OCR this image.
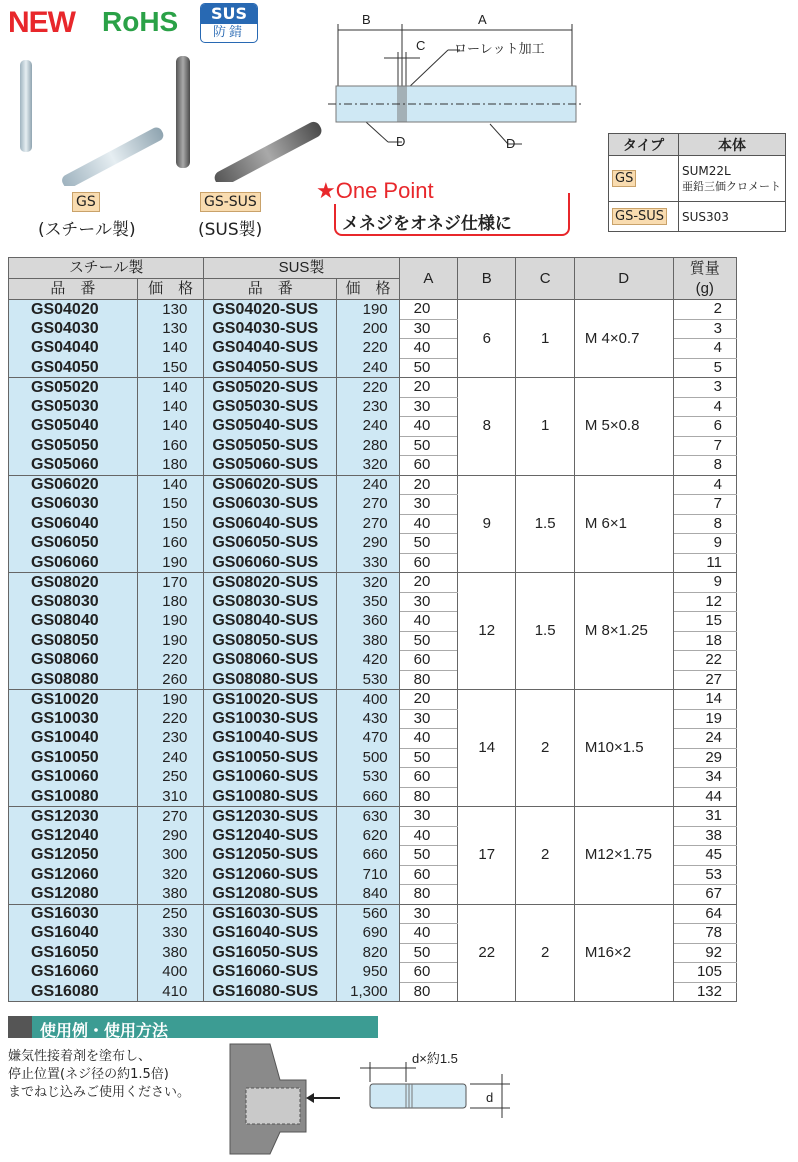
NEW RoHS	SUS
防錆
GS
(スチール製)
GS-SUS
(SUS製)
B	A
C ローレット加工
D	D	タイプ	本体
GS	SUM22L
亜鉛三価クロメート

GS-SUS	SUS303
★One Point
メネジをオネジ仕様に
スチール製		SUS製		A	B	C	D	質量
(g)

品　番	価　格	品　番	価　格					
GS04020	130	GS04020-SUS	190	20	6	1	M 4×0.7	2
GS04030	130	GS04030-SUS	200	30				3
GS04040	140	GS04040-SUS	220	40				4
GS04050	150	GS04050-SUS	240	50				5
GS05020	140	GS05020-SUS	220	20	8	1	M 5×0.8	3
GS05030	140	GS05030-SUS	230	30				4
GS05040	140	GS05040-SUS	240	40				6
GS05050	160	GS05050-SUS	280	50				7
GS05060	180	GS05060-SUS	320	60				8
GS06020	140	GS06020-SUS	240	20	9	1.5	M 6×1	4
GS06030	150	GS06030-SUS	270	30				7
GS06040	150	GS06040-SUS	270	40				8
GS06050	160	GS06050-SUS	290	50				9
GS06060	190	GS06060-SUS	330	60				11
GS08020	170	GS08020-SUS	320	20	12	1.5	M 8×1.25	9
GS08030	180	GS08030-SUS	350	30				12
GS08040	190	GS08040-SUS	360	40				15
GS08050	190	GS08050-SUS	380	50				18
GS08060	220	GS08060-SUS	420	60				22
GS08080	260	GS08080-SUS	530	80				27
GS10020	190	GS10020-SUS	400	20	14	2	M10×1.5	14
GS10030	220	GS10030-SUS	430	30				19
GS10040	230	GS10040-SUS	470	40				24
GS10050	240	GS10050-SUS	500	50				29
GS10060	250	GS10060-SUS	530	60				34
GS10080	310	GS10080-SUS	660	80				44
GS12030	270	GS12030-SUS	630	30	17	2	M12×1.75	31
GS12040	290	GS12040-SUS	620	40				38
GS12050	300	GS12050-SUS	660	50				45
GS12060	320	GS12060-SUS	710	60				53
GS12080	380	GS12080-SUS	840	80				67
GS16030	250	GS16030-SUS	560	30	22	2	M16×2	64
GS16040	330	GS16040-SUS	690	40				78
GS16050	380	GS16050-SUS	820	50				92
GS16060	400	GS16060-SUS	950	60				105
GS16080	410	GS16080-SUS	1,300	80				132
使用例・使用方法
嫌気性接着剤を塗布し、
停止位置(ネジ径の約1.5倍)
までねじ込みご使用ください。
d×約1.5
d
